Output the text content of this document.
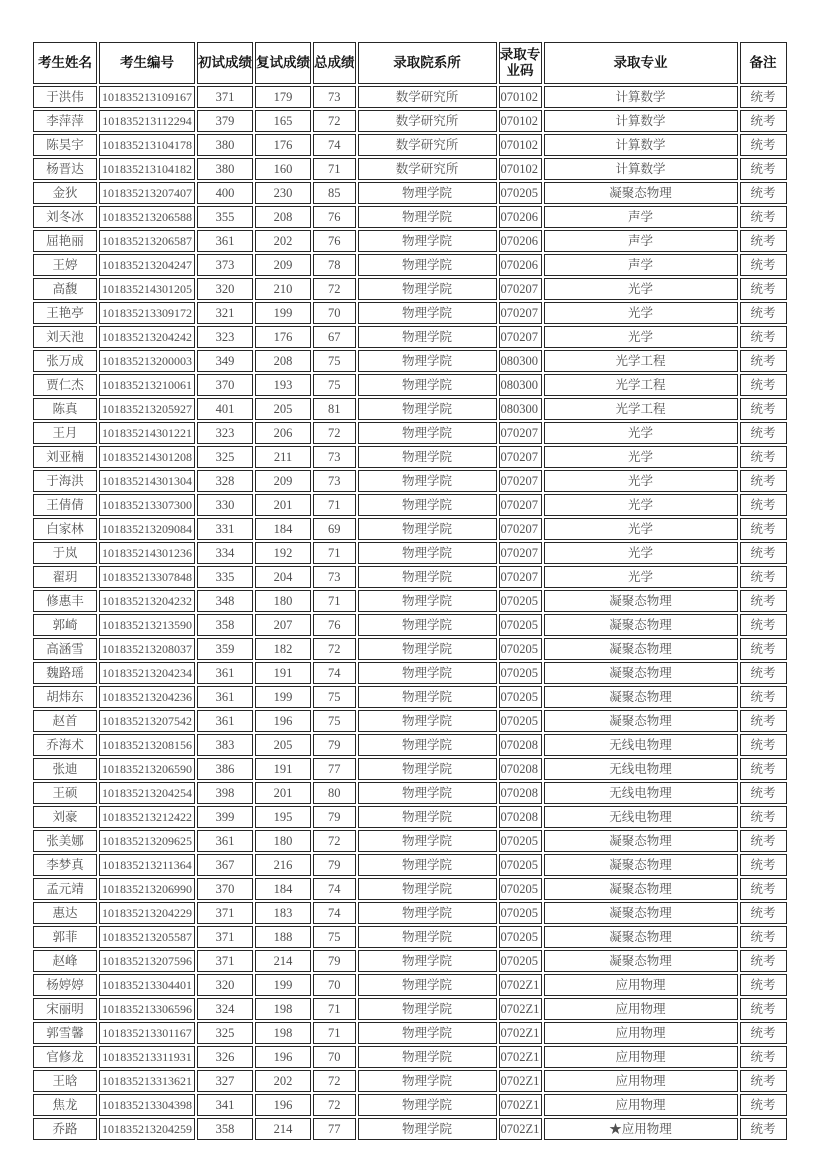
考生姓名	考生编号	初试成绩	复试成绩	总成绩	录取院系所	录取专业码	录取专业	备注
于洪伟	101835213109167	371	179	73	数学研究所	070102	计算数学	统考
李萍萍	101835213112294	379	165	72	数学研究所	070102	计算数学	统考
陈昊宇	101835213104178	380	176	74	数学研究所	070102	计算数学	统考
杨晋达	101835213104182	380	160	71	数学研究所	070102	计算数学	统考
金狄	101835213207407	400	230	85	物理学院	070205	凝聚态物理	统考
刘冬冰	101835213206588	355	208	76	物理学院	070206	声学	统考
屈艳丽	101835213206587	361	202	76	物理学院	070206	声学	统考
王婷	101835213204247	373	209	78	物理学院	070206	声学	统考
高馥	101835214301205	320	210	72	物理学院	070207	光学	统考
王艳亭	101835213309172	321	199	70	物理学院	070207	光学	统考
刘天池	101835213204242	323	176	67	物理学院	070207	光学	统考
张万成	101835213200003	349	208	75	物理学院	080300	光学工程	统考
贾仁杰	101835213210061	370	193	75	物理学院	080300	光学工程	统考
陈真	101835213205927	401	205	81	物理学院	080300	光学工程	统考
王月	101835214301221	323	206	72	物理学院	070207	光学	统考
刘亚楠	101835214301208	325	211	73	物理学院	070207	光学	统考
于海洪	101835214301304	328	209	73	物理学院	070207	光学	统考
王倩倩	101835213307300	330	201	71	物理学院	070207	光学	统考
白家林	101835213209084	331	184	69	物理学院	070207	光学	统考
于岚	101835214301236	334	192	71	物理学院	070207	光学	统考
翟玥	101835213307848	335	204	73	物理学院	070207	光学	统考
修惠丰	101835213204232	348	180	71	物理学院	070205	凝聚态物理	统考
郭崎	101835213213590	358	207	76	物理学院	070205	凝聚态物理	统考
高涵雪	101835213208037	359	182	72	物理学院	070205	凝聚态物理	统考
魏路瑶	101835213204234	361	191	74	物理学院	070205	凝聚态物理	统考
胡炜东	101835213204236	361	199	75	物理学院	070205	凝聚态物理	统考
赵首	101835213207542	361	196	75	物理学院	070205	凝聚态物理	统考
乔海术	101835213208156	383	205	79	物理学院	070208	无线电物理	统考
张迪	101835213206590	386	191	77	物理学院	070208	无线电物理	统考
王硕	101835213204254	398	201	80	物理学院	070208	无线电物理	统考
刘豪	101835213212422	399	195	79	物理学院	070208	无线电物理	统考
张美娜	101835213209625	361	180	72	物理学院	070205	凝聚态物理	统考
李梦真	101835213211364	367	216	79	物理学院	070205	凝聚态物理	统考
孟元靖	101835213206990	370	184	74	物理学院	070205	凝聚态物理	统考
惠达	101835213204229	371	183	74	物理学院	070205	凝聚态物理	统考
郭菲	101835213205587	371	188	75	物理学院	070205	凝聚态物理	统考
赵峰	101835213207596	371	214	79	物理学院	070205	凝聚态物理	统考
杨婷婷	101835213304401	320	199	70	物理学院	0702Z1	应用物理	统考
宋丽明	101835213306596	324	198	71	物理学院	0702Z1	应用物理	统考
郭雪馨	101835213301167	325	198	71	物理学院	0702Z1	应用物理	统考
官修龙	101835213311931	326	196	70	物理学院	0702Z1	应用物理	统考
王晗	101835213313621	327	202	72	物理学院	0702Z1	应用物理	统考
焦龙	101835213304398	341	196	72	物理学院	0702Z1	应用物理	统考
乔路	101835213204259	358	214	77	物理学院	0702Z1	★应用物理	统考
